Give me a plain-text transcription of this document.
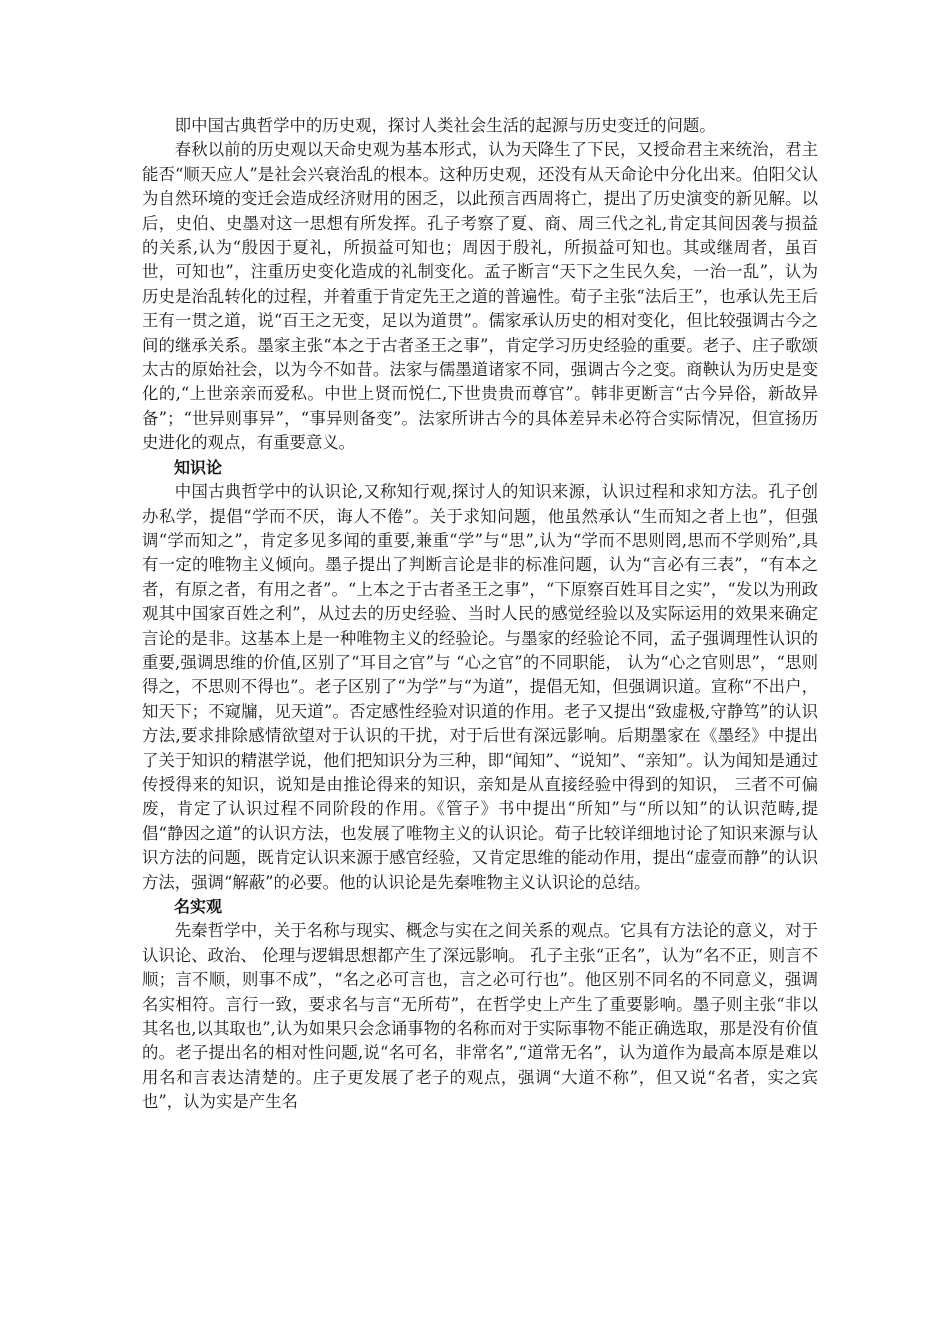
即中国古典哲学中的历史观，探讨人类社会生活的起源与历史变迁的问题。

春秋以前的历史观以天命史观为基本形式，认为天降生了下民，又授命君主来统治，君主能否“顺天应人”是社会兴衰治乱的根本。这种历史观，还没有从天命论中分化出来。伯阳父认为自然环境的变迁会造成经济财用的困乏，以此预言西周将亡，提出了历史演变的新见解。以后，史伯、史墨对这一思想有所发挥。孔子考察了夏、商、周三代之礼,肯定其间因袭与损益的关系,认为“殷因于夏礼，所损益可知也；周因于殷礼，所损益可知也。其或继周者，虽百世，可知也”，注重历史变化造成的礼制变化。孟子断言“天下之生民久矣，一治一乱”，认为历史是治乱转化的过程，并着重于肯定先王之道的普遍性。荀子主张“法后王”，也承认先王后王有一贯之道，说“百王之无变，足以为道贯”。儒家承认历史的相对变化，但比较强调古今之间的继承关系。墨家主张“本之于古者圣王之事”，肯定学习历史经验的重要。老子、庄子歌颂太古的原始社会，以为今不如昔。法家与儒墨道诸家不同，强调古今之变。商鞅认为历史是变化的,“上世亲亲而爱私。中世上贤而悦仁,下世贵贵而尊官”。韩非更断言“古今异俗，新故异备”；“世异则事异”，“事异则备变”。法家所讲古今的具体差异未必符合实际情况，但宣扬历史进化的观点，有重要意义。

知识论

中国古典哲学中的认识论,又称知行观,探讨人的知识来源，认识过程和求知方法。孔子创办私学，提倡“学而不厌，诲人不倦”。关于求知问题，他虽然承认“生而知之者上也”，但强调“学而知之”，肯定多见多闻的重要,兼重“学”与“思”,认为“学而不思则罔,思而不学则殆”,具有一定的唯物主义倾向。墨子提出了判断言论是非的标准问题，认为“言必有三表”，“有本之者，有原之者，有用之者”。“上本之于古者圣王之事”，“下原察百姓耳目之实”，“发以为刑政观其中国家百姓之利”，从过去的历史经验、当时人民的感觉经验以及实际运用的效果来确定言论的是非。这基本上是一种唯物主义的经验论。与墨家的经验论不同，孟子强调理性认识的重要,强调思维的价值,区别了“耳目之官”与 “心之官”的不同职能， 认为“心之官则思”，“思则得之，不思则不得也”。老子区别了“为学”与“为道”，提倡无知，但强调识道。宣称“不出户，知天下；不窥牖，见天道”。否定感性经验对识道的作用。老子又提出“致虚极,守静笃”的认识方法,要求排除感情欲望对于认识的干扰，对于后世有深远影响。后期墨家在《墨经》中提出了关于知识的精湛学说，他们把知识分为三种，即“闻知”、“说知”、“亲知”。认为闻知是通过传授得来的知识，说知是由推论得来的知识，亲知是从直接经验中得到的知识， 三者不可偏废，肯定了认识过程不同阶段的作用。《管子》书中提出“所知”与“所以知”的认识范畴,提倡“静因之道”的认识方法，也发展了唯物主义的认识论。荀子比较详细地讨论了知识来源与认识方法的问题，既肯定认识来源于感官经验，又肯定思维的能动作用，提出“虚壹而静”的认识方法，强调“解蔽”的必要。他的认识论是先秦唯物主义认识论的总结。

名实观

先秦哲学中，关于名称与现实、概念与实在之间关系的观点。它具有方法论的意义，对于认识论、政治、 伦理与逻辑思想都产生了深远影响。 孔子主张“正名”，认为“名不正，则言不顺；言不顺，则事不成”，“名之必可言也，言之必可行也”。他区别不同名的不同意义，强调名实相符。言行一致，要求名与言“无所苟”，在哲学史上产生了重要影响。墨子则主张“非以其名也,以其取也”,认为如果只会念诵事物的名称而对于实际事物不能正确选取，那是没有价值的。老子提出名的相对性问题,说“名可名，非常名”,“道常无名”，认为道作为最高本原是难以用名和言表达清楚的。庄子更发展了老子的观点，强调“大道不称”，但又说“名者，实之宾也”，认为实是产生名
